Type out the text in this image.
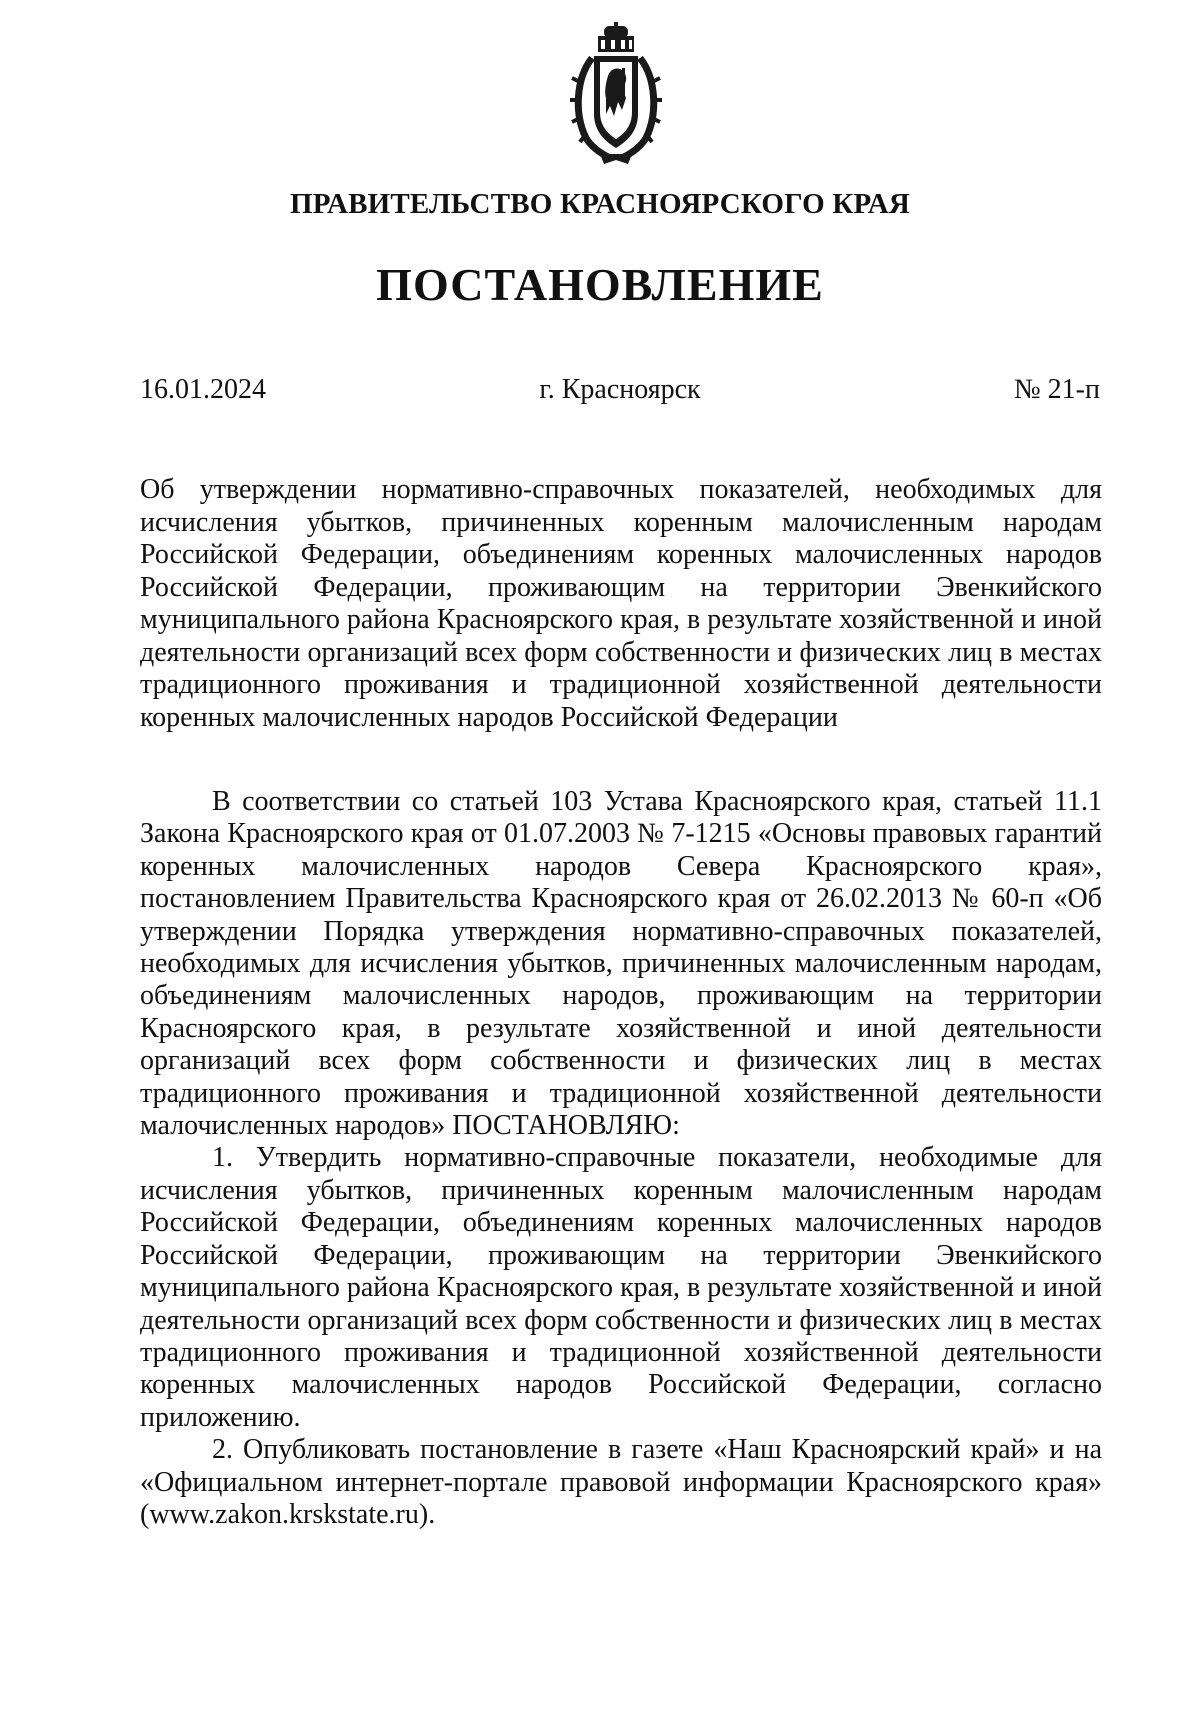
ПРАВИТЕЛЬСТВО КРАСНОЯРСКОГО КРАЯ
ПОСТАНОВЛЕНИЕ
16.01.2024	г. Красноярск	№ 21-п
Об утверждении нормативно-справочных показателей, необходимых для исчисления убытков, причиненных коренным малочисленным народам Российской Федерации, объединениям коренных малочисленных народов Российской Федерации, проживающим на территории Эвенкийского муниципального района Красноярского края, в результате хозяйственной и иной деятельности организаций всех форм собственности и физических лиц в местах традиционного проживания и традиционной хозяйственной деятельности коренных малочисленных народов Российской Федерации

В соответствии со статьей 103 Устава Красноярского края, статьей 11.1 Закона Красноярского края от 01.07.2003 № 7-1215 «Основы правовых гарантий коренных малочисленных народов Севера Красноярского края», постановлением Правительства Красноярского края от 26.02.2013 № 60-п «Об утверждении Порядка утверждения нормативно-справочных показателей, необходимых для исчисления убытков, причиненных малочисленным народам, объединениям малочисленных народов, проживающим на территории Красноярского края, в результате хозяйственной и иной деятельности организаций всех форм собственности и физических лиц в местах традиционного проживания и традиционной хозяйственной деятельности малочисленных народов» ПОСТАНОВЛЯЮ:

1. Утвердить нормативно-справочные показатели, необходимые для исчисления убытков, причиненных коренным малочисленным народам Российской Федерации, объединениям коренных малочисленных народов Российской Федерации, проживающим на территории Эвенкийского муниципального района Красноярского края, в результате хозяйственной и иной деятельности организаций всех форм собственности и физических лиц в местах традиционного проживания и традиционной хозяйственной деятельности коренных малочисленных народов Российской Федерации, согласно приложению.

2. Опубликовать постановление в газете «Наш Красноярский край» и на «Официальном интернет-портале правовой информации Красноярского края» (www.zakon.krskstate.ru).
